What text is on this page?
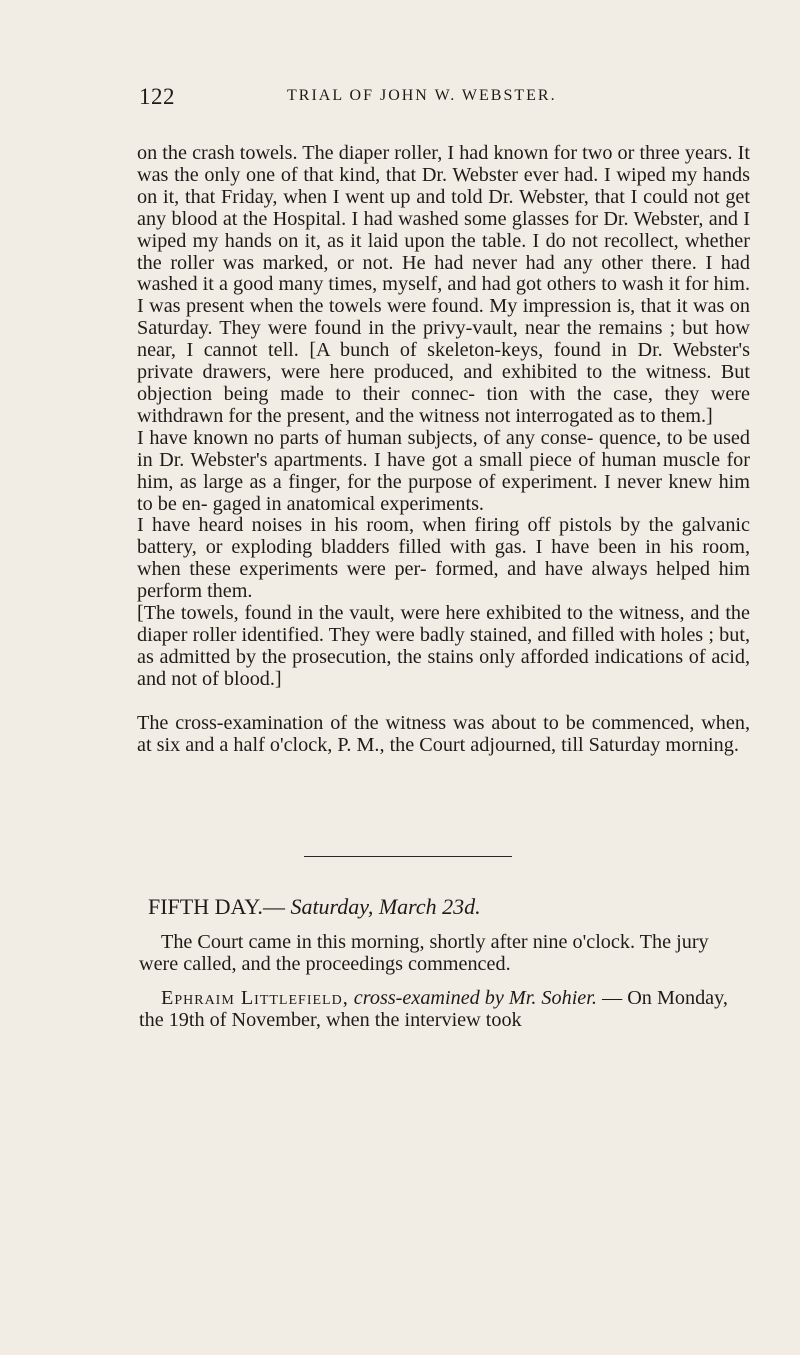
122	TRIAL OF JOHN W. WEBSTER.

on the crash towels. The diaper roller, I had known for two or three years. It was the only one of that kind, that Dr. Webster ever had. I wiped my hands on it, that Friday, when I went up and told Dr. Webster, that I could not get any blood at the Hospital. I had washed some glasses for Dr. Webster, and I wiped my hands on it, as it laid upon the table. I do not recollect, whether the roller was marked, or not. He had never had any other there. I had washed it a good many times, myself, and had got others to wash it for him. I was present when the towels were found. My impression is, that it was on Saturday. They were found in the privy-vault, near the remains ; but how near, I cannot tell. [A bunch of skeleton-keys, found in Dr. Webster's private drawers, were here produced, and exhibited to the witness. But objection being made to their connec- tion with the case, they were withdrawn for the present, and the witness not interrogated as to them.]

I have known no parts of human subjects, of any conse- quence, to be used in Dr. Webster's apartments. I have got a small piece of human muscle for him, as large as a finger, for the purpose of experiment. I never knew him to be en- gaged in anatomical experiments.

I have heard noises in his room, when firing off pistols by the galvanic battery, or exploding bladders filled with gas. I have been in his room, when these experiments were per- formed, and have always helped him perform them.

[The towels, found in the vault, were here exhibited to the witness, and the diaper roller identified. They were badly stained, and filled with holes ; but, as admitted by the prosecution, the stains only afforded indications of acid, and not of blood.]

The cross-examination of the witness was about to be commenced, when, at six and a half o'clock, P. M., the Court adjourned, till Saturday morning.

FIFTH DAY.— Saturday, March 23d.

The Court came in this morning, shortly after nine o'clock. The jury were called, and the proceedings commenced.

Ephraim Littlefield, cross-examined by Mr. Sohier. — On Monday, the 19th of November, when the interview took
